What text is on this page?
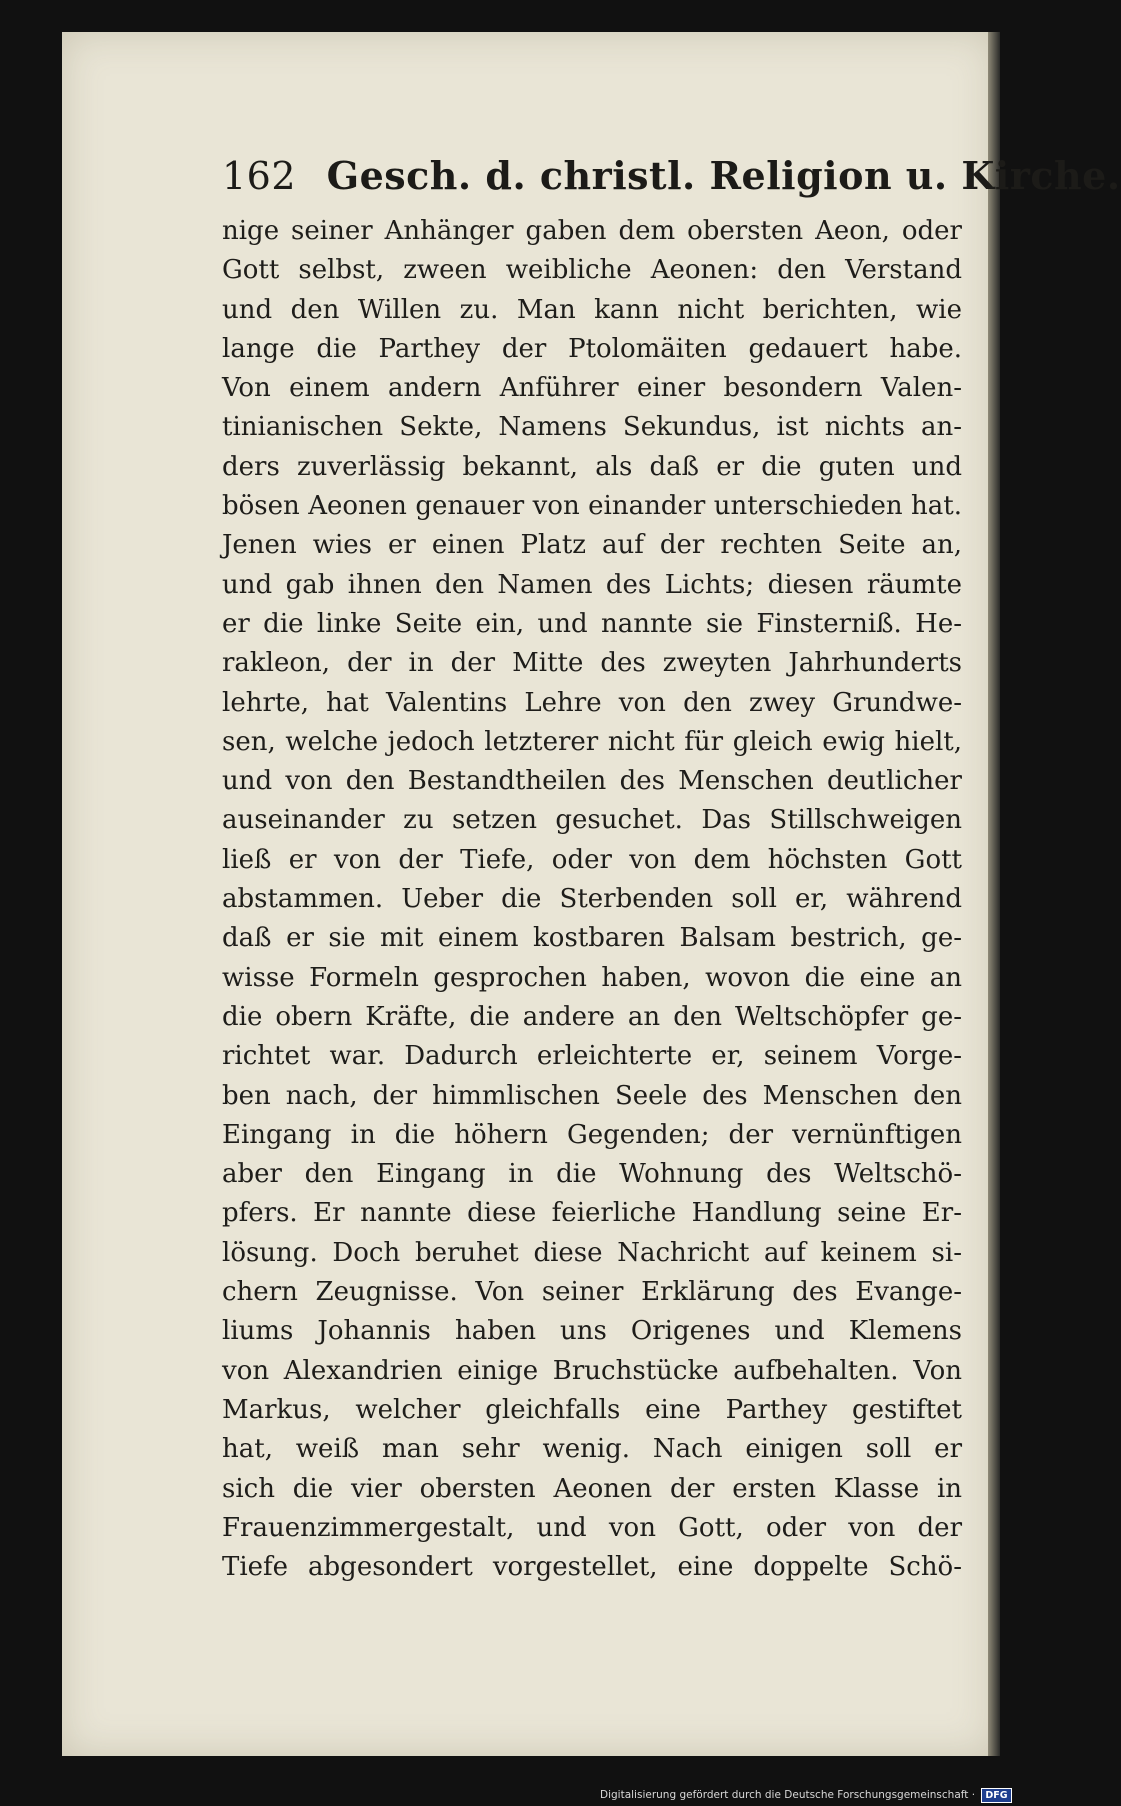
162 Gesch. d. christl. Religion u. Kirche.
nige seiner Anhänger gaben dem obersten Aeon, oder
Gott selbst, zween weibliche Aeonen: den Verstand
und den Willen zu. Man kann nicht berichten, wie
lange die Parthey der Ptolomäiten gedauert habe.
Von einem andern Anführer einer besondern Valen-
tinianischen Sekte, Namens Sekundus, ist nichts an-
ders zuverlässig bekannt, als daß er die guten und
bösen Aeonen genauer von einander unterschieden hat.
Jenen wies er einen Platz auf der rechten Seite an,
und gab ihnen den Namen des Lichts; diesen räumte
er die linke Seite ein, und nannte sie Finsterniß. He-
rakleon, der in der Mitte des zweyten Jahrhunderts
lehrte, hat Valentins Lehre von den zwey Grundwe-
sen, welche jedoch letzterer nicht für gleich ewig hielt,
und von den Bestandtheilen des Menschen deutlicher
auseinander zu setzen gesuchet. Das Stillschweigen
ließ er von der Tiefe, oder von dem höchsten Gott
abstammen. Ueber die Sterbenden soll er, während
daß er sie mit einem kostbaren Balsam bestrich, ge-
wisse Formeln gesprochen haben, wovon die eine an
die obern Kräfte, die andere an den Weltschöpfer ge-
richtet war. Dadurch erleichterte er, seinem Vorge-
ben nach, der himmlischen Seele des Menschen den
Eingang in die höhern Gegenden; der vernünftigen
aber den Eingang in die Wohnung des Weltschö-
pfers. Er nannte diese feierliche Handlung seine Er-
lösung. Doch beruhet diese Nachricht auf keinem si-
chern Zeugnisse. Von seiner Erklärung des Evange-
liums Johannis haben uns Origenes und Klemens
von Alexandrien einige Bruchstücke aufbehalten. Von
Markus, welcher gleichfalls eine Parthey gestiftet
hat, weiß man sehr wenig. Nach einigen soll er
sich die vier obersten Aeonen der ersten Klasse in
Frauenzimmergestalt, und von Gott, oder von der
Tiefe abgesondert vorgestellet, eine doppelte Schö-
Digitalisierung gefördert durch die Deutsche Forschungsgemeinschaft · DFG
